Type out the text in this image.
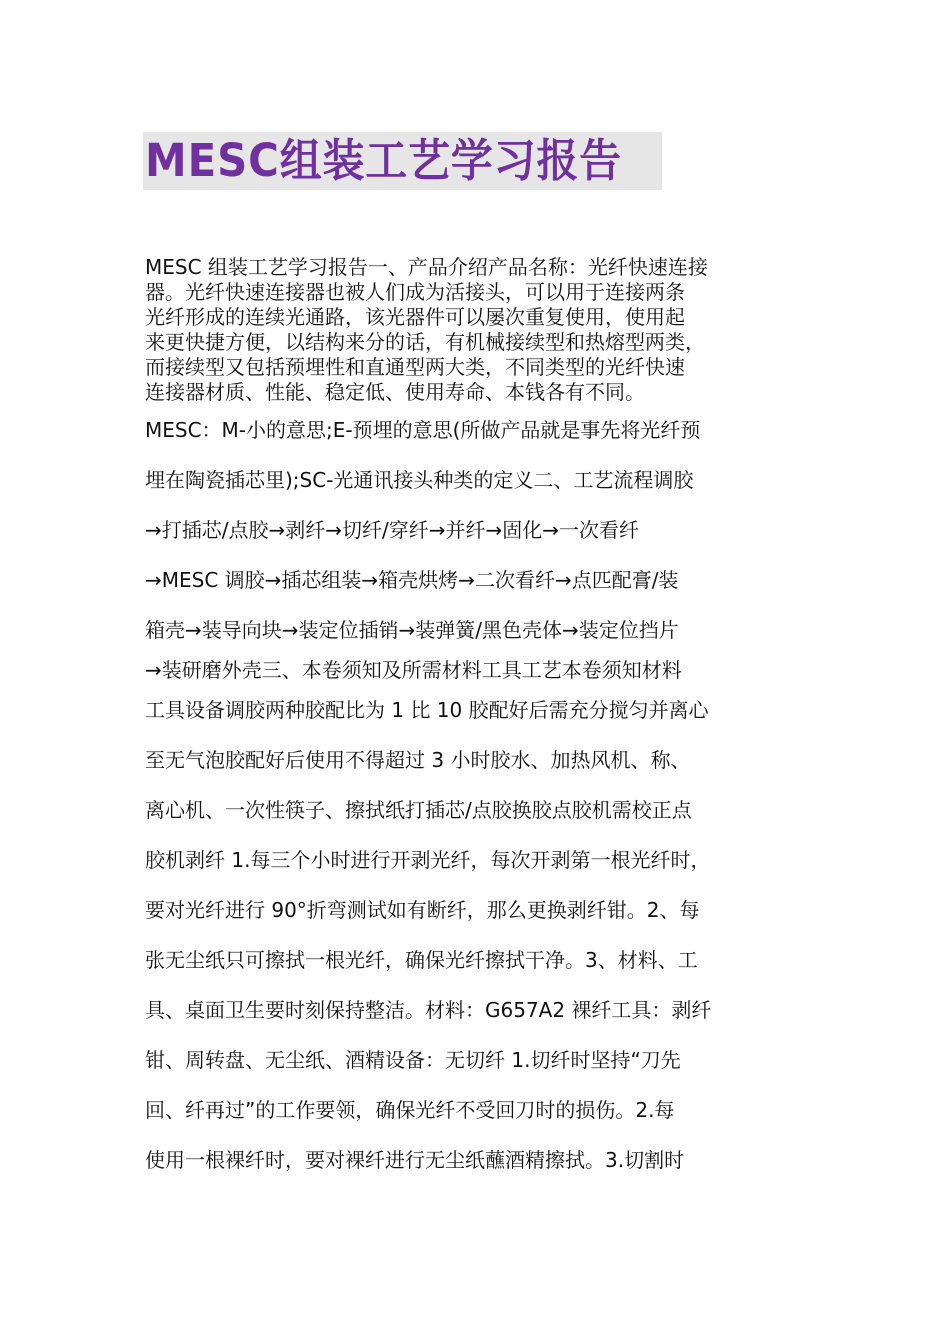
MESC组装工艺学习报告
MESC 组装工艺学习报告一、产品介绍产品名称：光纤快速连接
器。光纤快速连接器也被人们成为活接头，可以用于连接两条
光纤形成的连续光通路，该光器件可以屡次重复使用，使用起
来更快捷方便，以结构来分的话，有机械接续型和热熔型两类，
而接续型又包括预埋性和直通型两大类，不同类型的光纤快速
连接器材质、性能、稳定低、使用寿命、本钱各有不同。
MESC：M-小的意思;E-预埋的意思(所做产品就是事先将光纤预
埋在陶瓷插芯里);SC-光通讯接头种类的定义二、工艺流程调胶
→打插芯/点胶→剥纤→切纤/穿纤→并纤→固化→一次看纤
→MESC 调胶→插芯组装→箱壳烘烤→二次看纤→点匹配膏/装
箱壳→装导向块→装定位插销→装弹簧/黑色壳体→装定位挡片
→装研磨外壳三、本卷须知及所需材料工具工艺本卷须知材料
工具设备调胶两种胶配比为 1 比 10 胶配好后需充分搅匀并离心
至无气泡胶配好后使用不得超过 3 小时胶水、加热风机、称、
离心机、一次性筷子、擦拭纸打插芯/点胶换胶点胶机需校正点
胶机剥纤 1.每三个小时进行开剥光纤，每次开剥第一根光纤时，
要对光纤进行 90°折弯测试如有断纤，那么更换剥纤钳。2、每
张无尘纸只可擦拭一根光纤，确保光纤擦拭干净。3、材料、工
具、桌面卫生要时刻保持整洁。材料：G657A2 裸纤工具：剥纤
钳、周转盘、无尘纸、酒精设备：无切纤 1.切纤时坚持“刀先
回、纤再过”的工作要领，确保光纤不受回刀时的损伤。2.每
使用一根裸纤时，要对裸纤进行无尘纸蘸酒精擦拭。3.切割时
